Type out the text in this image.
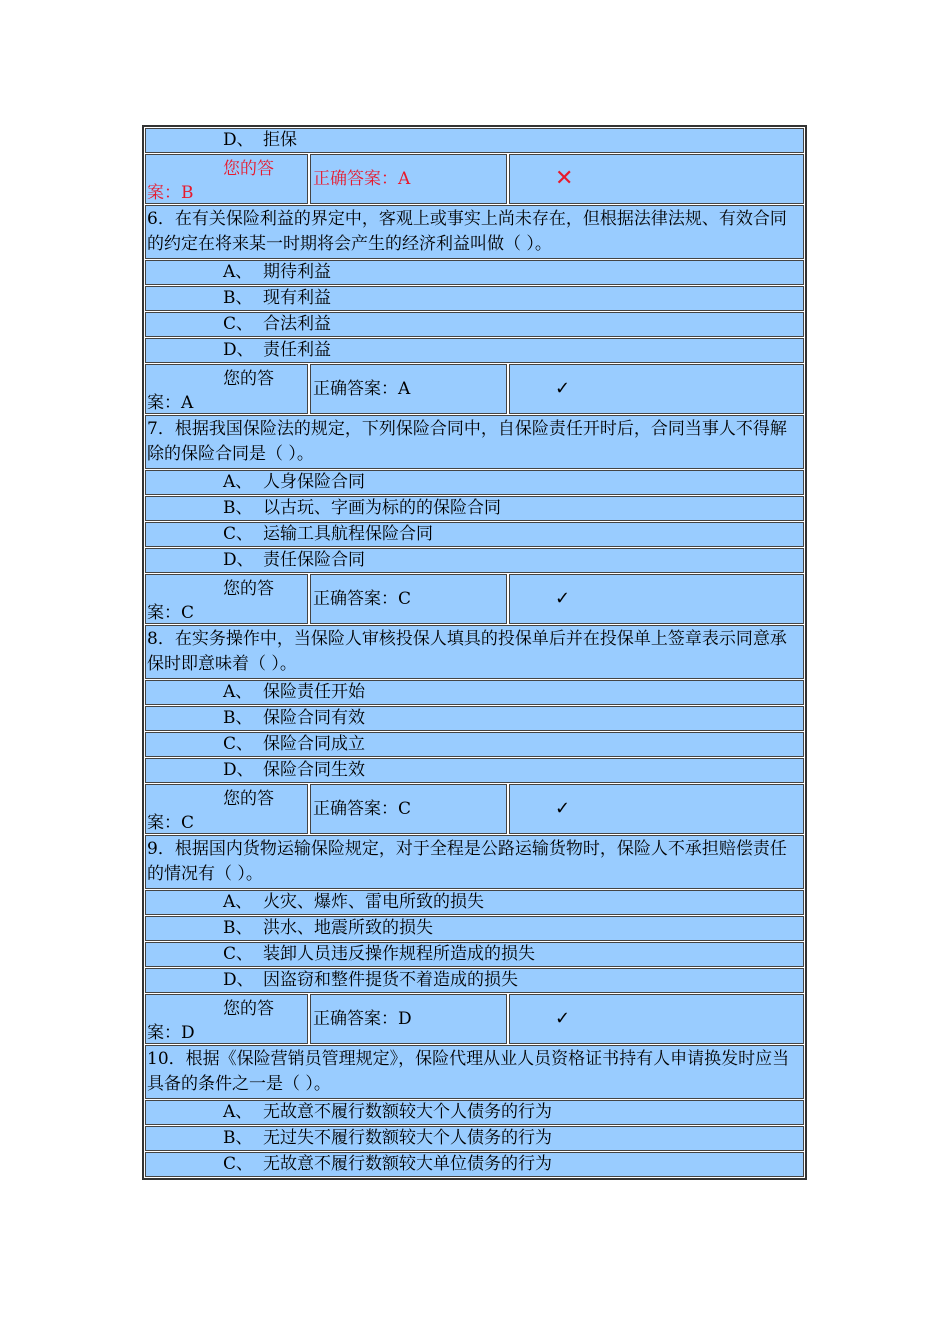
D、 拒保
您的答
案：B
正确答案： A	✕
6．在有关保险利益的界定中，客观上或事实上尚未存在，但根据法律法规、有效合同的约定在将来某一时期将会产生的经济利益叫做（ ）。
A、 期待利益
B、 现有利益
C、 合法利益
D、 责任利益
您的答
案：A
正确答案： A	✓
7．根据我国保险法的规定，下列保险合同中，自保险责任开时后，合同当事人不得解除的保险合同是（ ）。
A、 人身保险合同
B、 以古玩、字画为标的的保险合同
C、 运输工具航程保险合同
D、 责任保险合同
您的答
案：C
正确答案： C	✓
8．在实务操作中，当保险人审核投保人填具的投保单后并在投保单上签章表示同意承保时即意味着（ ）。
A、 保险责任开始
B、 保险合同有效
C、 保险合同成立
D、 保险合同生效
您的答
案：C
正确答案： C	✓
9．根据国内货物运输保险规定，对于全程是公路运输货物时，保险人不承担赔偿责任的情况有（ ）。
A、 火灾、爆炸、雷电所致的损失
B、 洪水、地震所致的损失
C、 装卸人员违反操作规程所造成的损失
D、 因盗窃和整件提货不着造成的损失
您的答
案：D
正确答案： D	✓
10．根据《保险营销员管理规定》，保险代理从业人员资格证书持有人申请换发时应当具备的条件之一是（ ）。
A、 无故意不履行数额较大个人债务的行为
B、 无过失不履行数额较大个人债务的行为
C、 无故意不履行数额较大单位债务的行为
